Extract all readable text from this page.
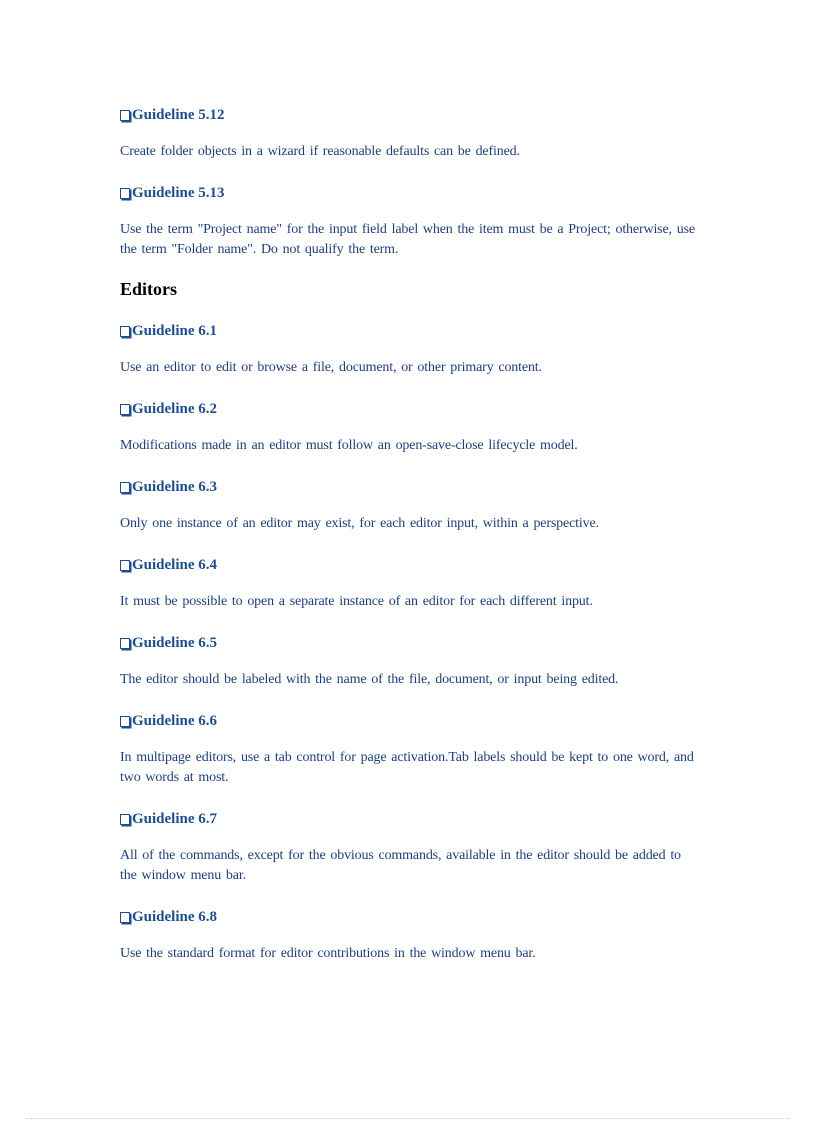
Guideline 5.12

Create folder objects in a wizard if reasonable defaults can be defined.

Guideline 5.13

Use the term "Project name" for the input field label when the item must be a Project; otherwise, use the term "Folder name". Do not qualify the term.

Editors
Guideline 6.1

Use an editor to edit or browse a file, document, or other primary content.

Guideline 6.2

Modifications made in an editor must follow an open-save-close lifecycle model.

Guideline 6.3

Only one instance of an editor may exist, for each editor input, within a perspective.

Guideline 6.4

It must be possible to open a separate instance of an editor for each different input.

Guideline 6.5

The editor should be labeled with the name of the file, document, or input being edited.

Guideline 6.6

In multipage editors, use a tab control for page activation.Tab labels should be kept to one word, and two words at most.

Guideline 6.7

All of the commands, except for the obvious commands, available in the editor should be added to the window menu bar.

Guideline 6.8

Use the standard format for editor contributions in the window menu bar.
